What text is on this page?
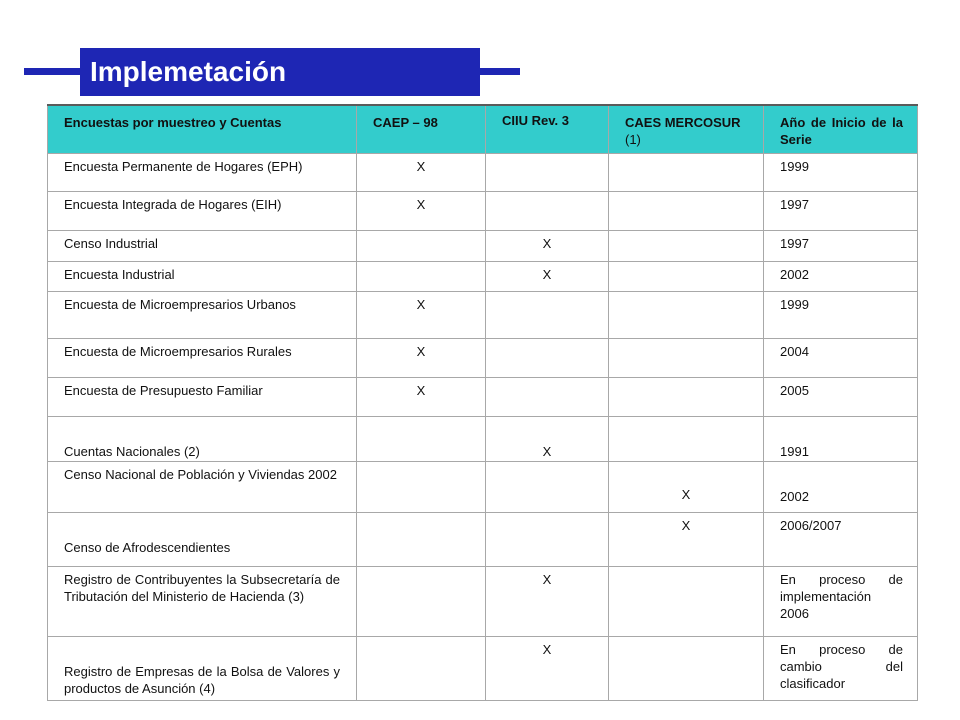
Implemetación
Encuestas por muestreo y Cuentas	CAEP – 98	CIIU Rev. 3	CAES MERCOSUR (1)	Año de Inicio de la Serie
Encuesta Permanente de Hogares (EPH)	X			1999
Encuesta Integrada de Hogares (EIH)	X			1997
Censo Industrial		X		1997
Encuesta Industrial		X		2002
Encuesta de Microempresarios Urbanos	X			1999
Encuesta de Microempresarios Rurales	X			2004
Encuesta de Presupuesto Familiar	X			2005
Cuentas Nacionales (2)		X		1991
Censo Nacional de Población y Viviendas 2002			X	2002
Censo de Afrodescendientes			X	2006/2007
Registro de Contribuyentes la Subsecretaría de Tributación del Ministerio de Hacienda (3)		X		En proceso de implementación 2006
Registro de Empresas de la Bolsa de Valores y productos de Asunción (4)		X		En proceso de cambio del clasificador
